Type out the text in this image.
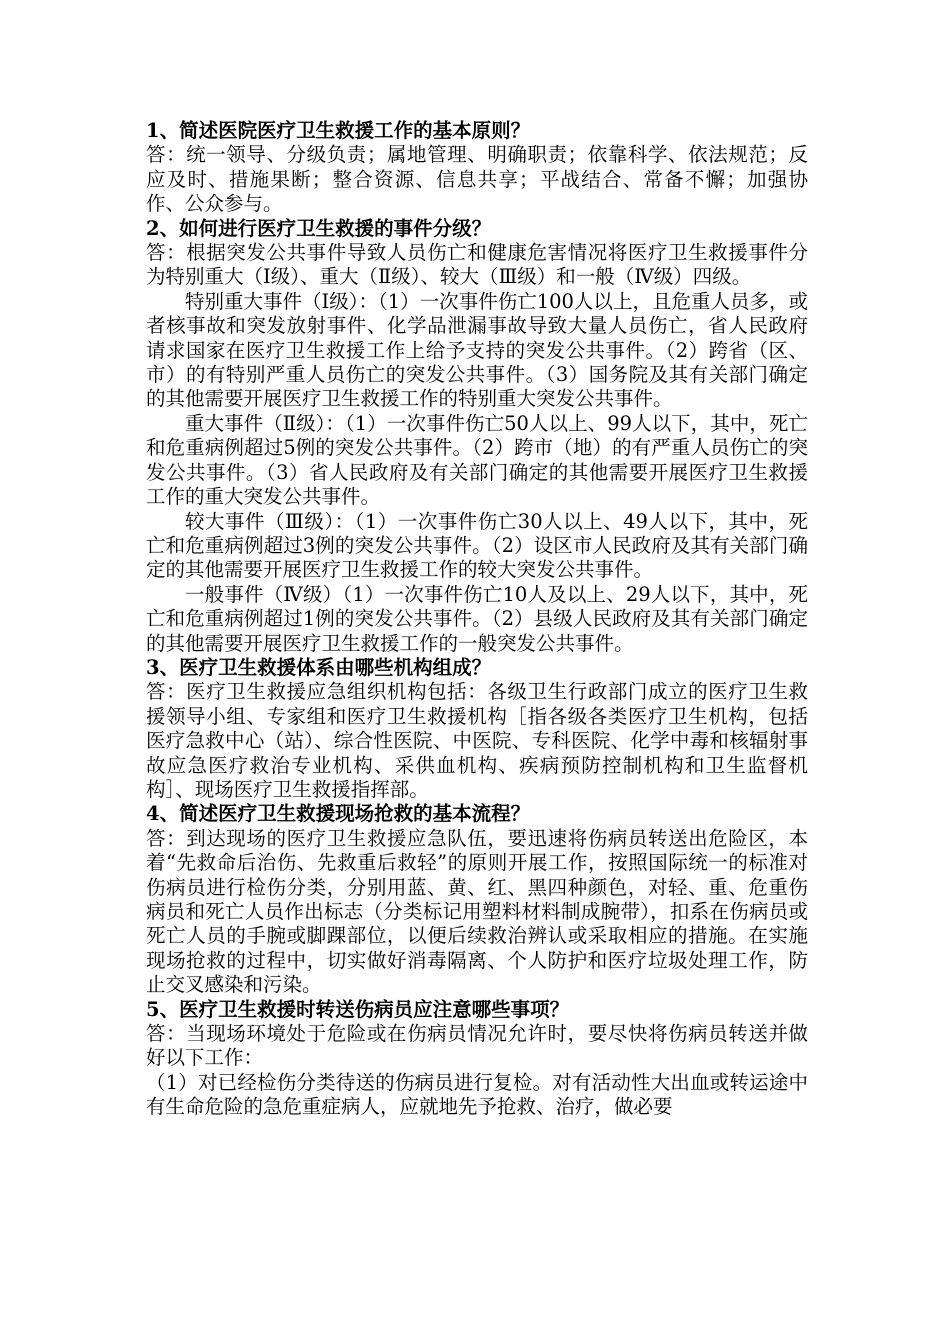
1、简述医院医疗卫生救援工作的基本原则？

答：统一领导、分级负责；属地管理、明确职责；依靠科学、依法规范；反应及时、措施果断；整合资源、信息共享；平战结合、常备不懈；加强协作、公众参与。

2、如何进行医疗卫生救援的事件分级？

答：根据突发公共事件导致人员伤亡和健康危害情况将医疗卫生救援事件分为特别重大（Ⅰ级）、重大（Ⅱ级）、较大（Ⅲ级）和一般（Ⅳ级）四级。

特别重大事件（Ⅰ级）：（1）一次事件伤亡100人以上，且危重人员多，或者核事故和突发放射事件、化学品泄漏事故导致大量人员伤亡，省人民政府请求国家在医疗卫生救援工作上给予支持的突发公共事件。（2）跨省（区、市）的有特别严重人员伤亡的突发公共事件。（3）国务院及其有关部门确定的其他需要开展医疗卫生救援工作的特别重大突发公共事件。

重大事件（Ⅱ级）：（1）一次事件伤亡50人以上、99人以下，其中，死亡和危重病例超过5例的突发公共事件。（2）跨市（地）的有严重人员伤亡的突发公共事件。（3）省人民政府及有关部门确定的其他需要开展医疗卫生救援工作的重大突发公共事件。

较大事件（Ⅲ级）：（1）一次事件伤亡30人以上、49人以下，其中，死亡和危重病例超过3例的突发公共事件。（2）设区市人民政府及其有关部门确定的其他需要开展医疗卫生救援工作的较大突发公共事件。

一般事件（Ⅳ级）（1）一次事件伤亡10人及以上、29人以下，其中，死亡和危重病例超过1例的突发公共事件。（2）县级人民政府及其有关部门确定的其他需要开展医疗卫生救援工作的一般突发公共事件。

3、医疗卫生救援体系由哪些机构组成？

答：医疗卫生救援应急组织机构包括：各级卫生行政部门成立的医疗卫生救援领导小组、专家组和医疗卫生救援机构［指各级各类医疗卫生机构，包括医疗急救中心（站）、综合性医院、中医院、专科医院、化学中毒和核辐射事故应急医疗救治专业机构、采供血机构、疾病预防控制机构和卫生监督机构］、现场医疗卫生救援指挥部。

4、简述医疗卫生救援现场抢救的基本流程？

答：到达现场的医疗卫生救援应急队伍，要迅速将伤病员转送出危险区，本着“先救命后治伤、先救重后救轻”的原则开展工作，按照国际统一的标准对伤病员进行检伤分类，分别用蓝、黄、红、黑四种颜色，对轻、重、危重伤病员和死亡人员作出标志（分类标记用塑料材料制成腕带），扣系在伤病员或死亡人员的手腕或脚踝部位，以便后续救治辨认或采取相应的措施。在实施现场抢救的过程中，切实做好消毒隔离、个人防护和医疗垃圾处理工作，防止交叉感染和污染。

5、医疗卫生救援时转送伤病员应注意哪些事项？

答：当现场环境处于危险或在伤病员情况允许时，要尽快将伤病员转送并做好以下工作：

（1）对已经检伤分类待送的伤病员进行复检。对有活动性大出血或转运途中有生命危险的急危重症病人，应就地先予抢救、治疗，做必要
